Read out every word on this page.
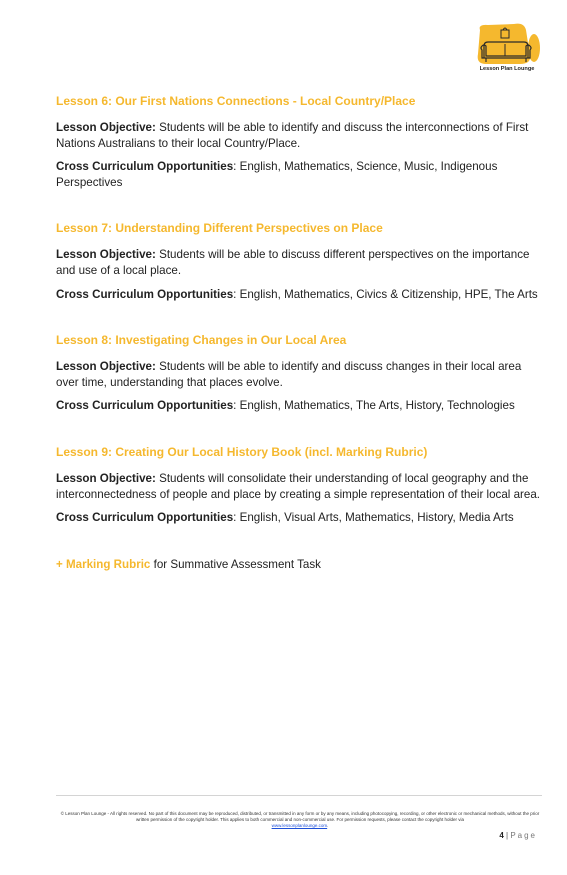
Lesson Plan Lounge
Lesson 6: Our First Nations Connections - Local Country/Place

Lesson Objective: Students will be able to identify and discuss the interconnections of First Nations Australians to their local Country/Place.

Cross Curriculum Opportunities: English, Mathematics, Science, Music, Indigenous Perspectives

Lesson 7: Understanding Different Perspectives on Place

Lesson Objective: Students will be able to discuss different perspectives on the importance and use of a local place.

Cross Curriculum Opportunities: English, Mathematics, Civics & Citizenship, HPE, The Arts

Lesson 8: Investigating Changes in Our Local Area

Lesson Objective: Students will be able to identify and discuss changes in their local area over time, understanding that places evolve.

Cross Curriculum Opportunities: English, Mathematics, The Arts, History, Technologies

Lesson 9: Creating Our Local History Book (incl. Marking Rubric)

Lesson Objective: Students will consolidate their understanding of local geography and the interconnectedness of people and place by creating a simple representation of their local area.

Cross Curriculum Opportunities: English, Visual Arts, Mathematics, History, Media Arts

+ Marking Rubric for Summative Assessment Task
© Lesson Plan Lounge - All rights reserved. No part of this document may be reproduced, distributed, or transmitted in any form or by any means, including photocopying, recording, or other electronic or mechanical methods, without the prior written permission of the copyright holder. This applies to both commercial and non-commercial use. For permission requests, please contact the copyright holder via
www.lessonplanlounge.com.
4 | Page
